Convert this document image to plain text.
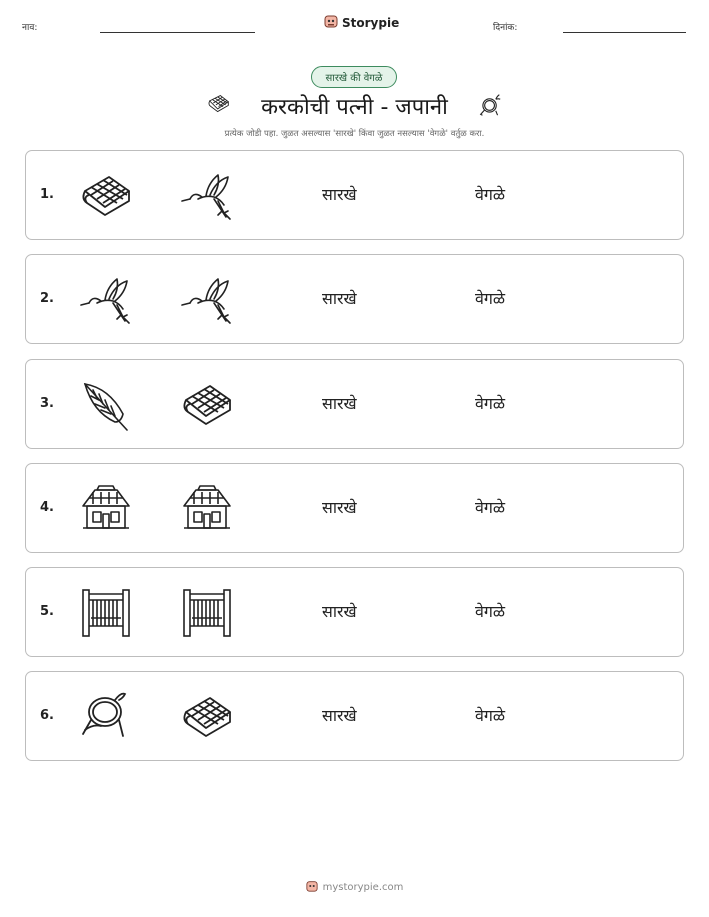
नाव:	Storypie	दिनांक:
सारखे की वेगळे
करकोची पत्नी - जपानी
प्रत्येक जोडी पहा. जुळत असल्यास 'सारखे' किंवा जुळत नसल्यास 'वेगळे' वर्तुळ करा.
1.	सारखे	वेगळे
2.	सारखे	वेगळे
3.	सारखे	वेगळे
4.	सारखे	वेगळे
5.	सारखे	वेगळे
6.	सारखे	वेगळे
mystorypie.com
